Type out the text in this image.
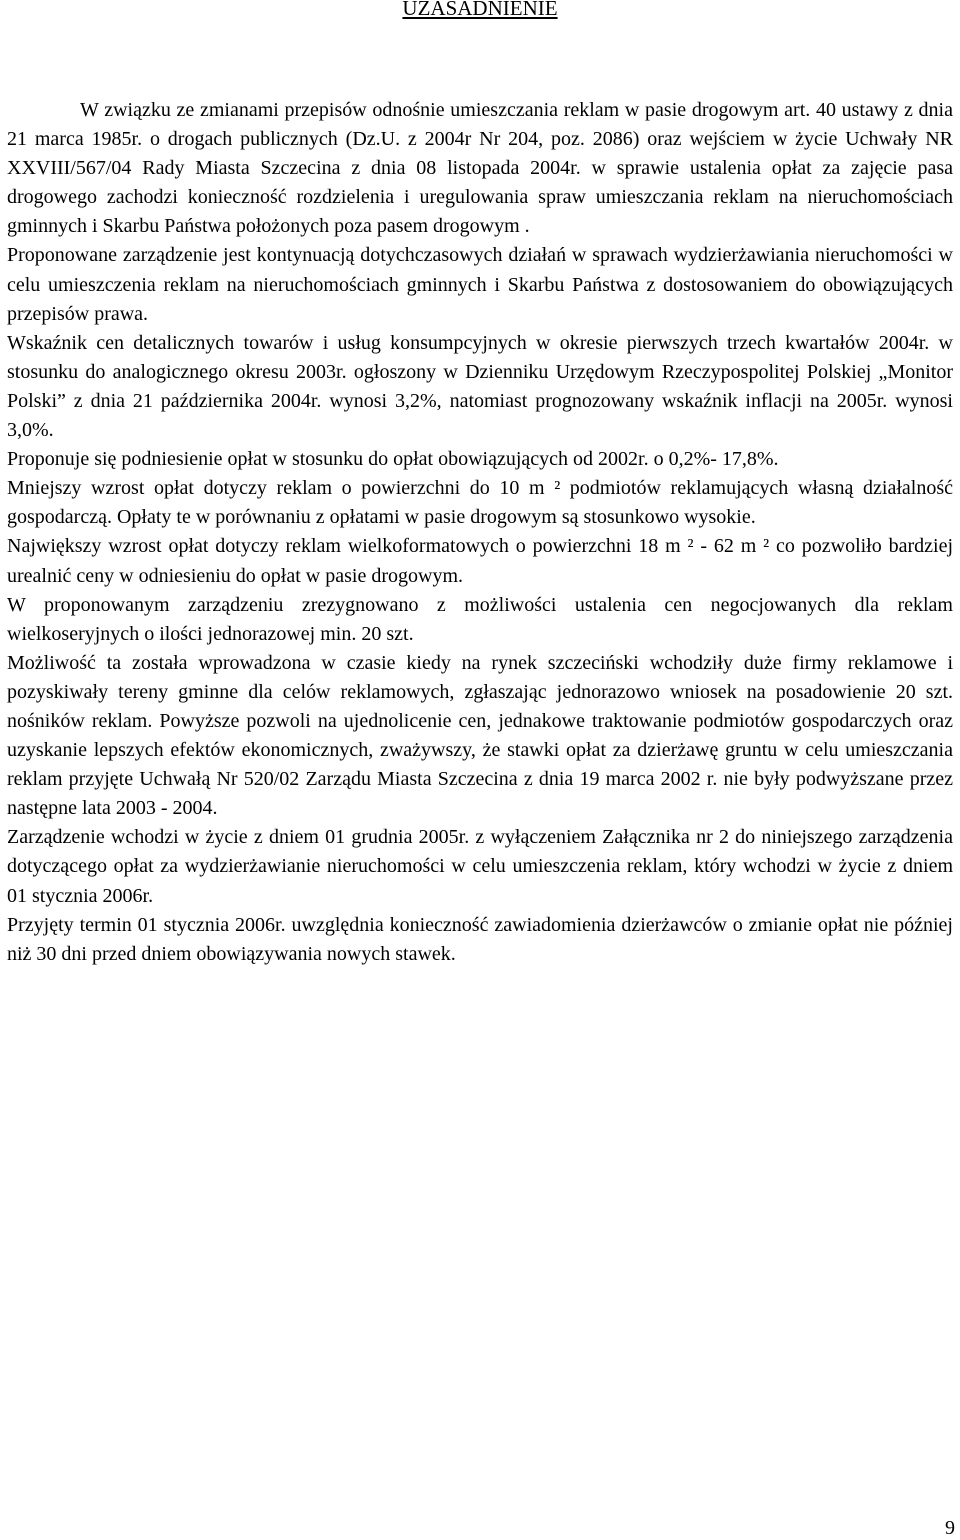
UZASADNIENIE

W związku ze zmianami przepisów odnośnie umieszczania reklam w pasie drogowym art. 40 ustawy z dnia 21 marca 1985r. o drogach publicznych (Dz.U. z 2004r Nr 204, poz. 2086) oraz wejściem w życie Uchwały NR XXVIII/567/04 Rady Miasta Szczecina z dnia 08 listopada 2004r. w sprawie ustalenia opłat za zajęcie pasa drogowego zachodzi konieczność rozdzielenia i uregulowania spraw umieszczania reklam na nieruchomościach gminnych i Skarbu Państwa położonych poza pasem drogowym .

Proponowane zarządzenie jest kontynuacją dotychczasowych działań w sprawach wydzierżawiania nieruchomości w celu umieszczenia reklam na nieruchomościach gminnych i Skarbu Państwa z dostosowaniem do obowiązujących przepisów prawa.

Wskaźnik cen detalicznych towarów i usług konsumpcyjnych w okresie pierwszych trzech kwartałów 2004r. w stosunku do analogicznego okresu 2003r. ogłoszony w Dzienniku Urzędowym Rzeczypospolitej Polskiej „Monitor Polski” z dnia 21 października 2004r. wynosi 3,2%, natomiast prognozowany wskaźnik inflacji na 2005r. wynosi 3,0%.

Proponuje się podniesienie opłat w stosunku do opłat obowiązujących od 2002r. o 0,2%- 17,8%.

Mniejszy wzrost opłat dotyczy reklam o powierzchni do 10 m ² podmiotów reklamujących własną działalność gospodarczą. Opłaty te w porównaniu z opłatami w pasie drogowym są stosunkowo wysokie.

Największy wzrost opłat dotyczy reklam wielkoformatowych o powierzchni 18 m ² - 62 m ² co pozwoliło bardziej urealnić ceny w odniesieniu do opłat w pasie drogowym.

W proponowanym zarządzeniu zrezygnowano z możliwości ustalenia cen negocjowanych dla reklam wielkoseryjnych o ilości jednorazowej min. 20 szt.

Możliwość ta została wprowadzona w czasie kiedy na rynek szczeciński wchodziły duże firmy reklamowe i pozyskiwały tereny gminne dla celów reklamowych, zgłaszając jednorazowo wniosek na posadowienie 20 szt. nośników reklam. Powyższe pozwoli na ujednolicenie cen, jednakowe traktowanie podmiotów gospodarczych oraz uzyskanie lepszych efektów ekonomicznych, zważywszy, że stawki opłat za dzierżawę gruntu w celu umieszczania reklam przyjęte Uchwałą Nr 520/02 Zarządu Miasta Szczecina z dnia 19 marca 2002 r. nie były podwyższane przez następne lata 2003 - 2004.

Zarządzenie wchodzi w życie z dniem 01 grudnia 2005r. z wyłączeniem Załącznika nr 2 do niniejszego zarządzenia dotyczącego opłat za wydzierżawianie nieruchomości w celu umieszczenia reklam, który wchodzi w życie z dniem 01 stycznia 2006r.

Przyjęty termin 01 stycznia 2006r. uwzględnia konieczność zawiadomienia dzierżawców o zmianie opłat nie później niż 30 dni przed dniem obowiązywania nowych stawek.

9
